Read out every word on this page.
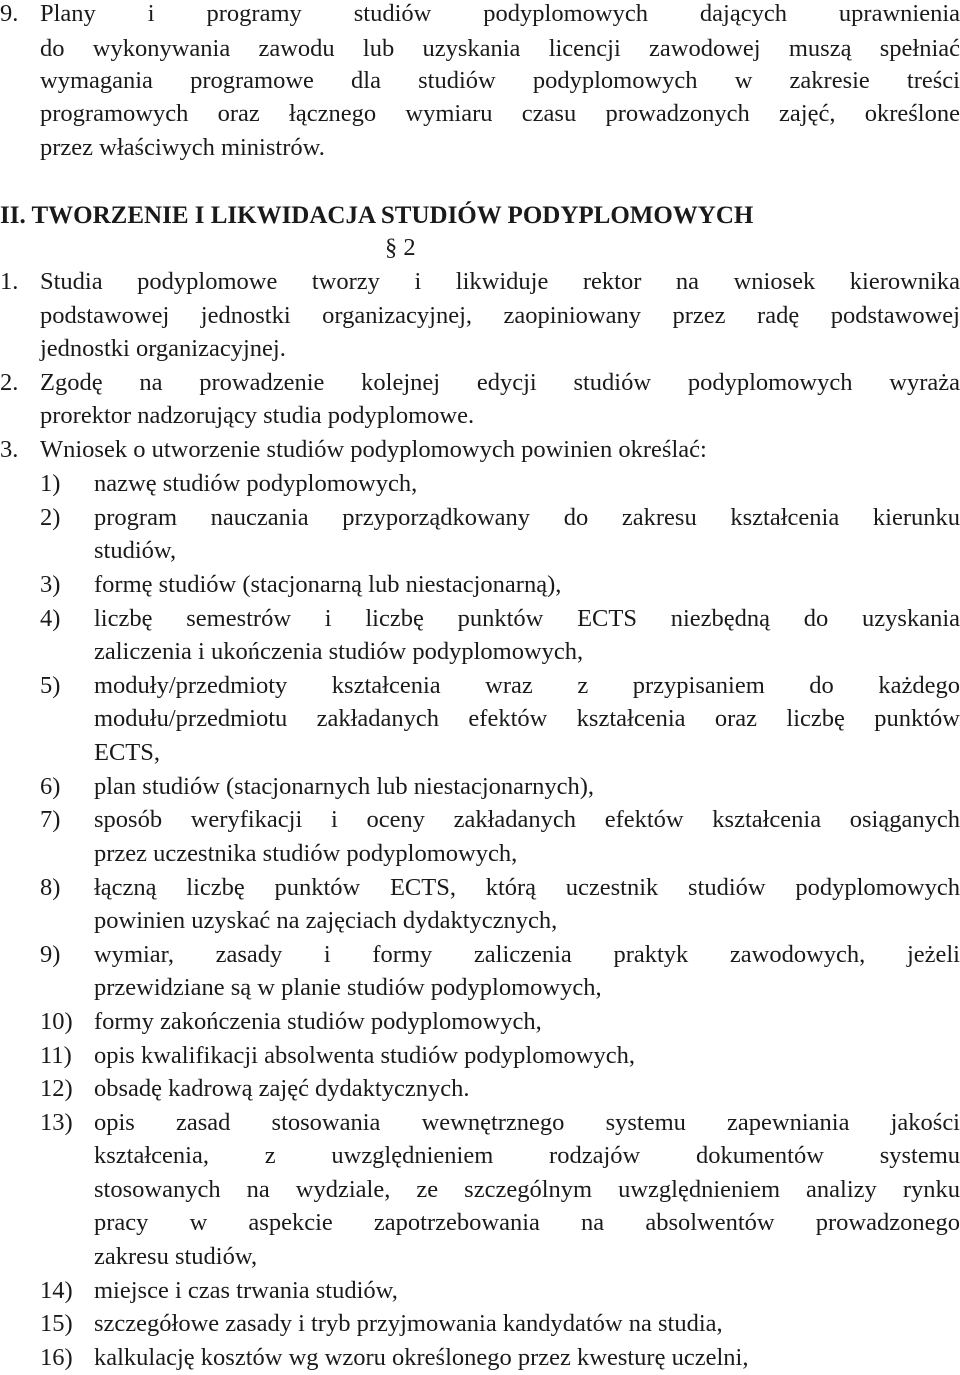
9. Plany i programy studiów podyplomowych dających uprawnienia
do wykonywania zawodu lub uzyskania licencji zawodowej muszą spełniać
wymagania programowe dla studiów podyplomowych w zakresie treści
programowych oraz łącznego wymiaru czasu prowadzonych zajęć, określone
przez właściwych ministrów.
II. TWORZENIE I LIKWIDACJA STUDIÓW PODYPLOMOWYCH
§ 2
1. Studia podyplomowe tworzy i likwiduje rektor na wniosek kierownika
podstawowej jednostki organizacyjnej, zaopiniowany przez radę podstawowej
jednostki organizacyjnej.
2. Zgodę na prowadzenie kolejnej edycji studiów podyplomowych wyraża
prorektor nadzorujący studia podyplomowe.
3. Wniosek o utworzenie studiów podyplomowych powinien określać:
1) nazwę studiów podyplomowych,
2) program nauczania przyporządkowany do zakresu kształcenia kierunku
studiów,
3) formę studiów (stacjonarną lub niestacjonarną),
4) liczbę semestrów i liczbę punktów ECTS niezbędną do uzyskania
zaliczenia i ukończenia studiów podyplomowych,
5) moduły/przedmioty kształcenia wraz z przypisaniem do każdego
modułu/przedmiotu zakładanych efektów kształcenia oraz liczbę punktów
ECTS,
6) plan studiów (stacjonarnych lub niestacjonarnych),
7) sposób weryfikacji i oceny zakładanych efektów kształcenia osiąganych
przez uczestnika studiów podyplomowych,
8) łączną liczbę punktów ECTS, którą uczestnik studiów podyplomowych
powinien uzyskać na zajęciach dydaktycznych,
9) wymiar, zasady i formy zaliczenia praktyk zawodowych, jeżeli
przewidziane są w planie studiów podyplomowych,
10) formy zakończenia studiów podyplomowych,
11) opis kwalifikacji absolwenta studiów podyplomowych,
12) obsadę kadrową zajęć dydaktycznych.
13) opis zasad stosowania wewnętrznego systemu zapewniania jakości
kształcenia, z uwzględnieniem rodzajów dokumentów systemu
stosowanych na wydziale, ze szczególnym uwzględnieniem analizy rynku
pracy w aspekcie zapotrzebowania na absolwentów prowadzonego
zakresu studiów,
14) miejsce i czas trwania studiów,
15) szczegółowe zasady i tryb przyjmowania kandydatów na studia,
16) kalkulację kosztów wg wzoru określonego przez kwesturę uczelni,
